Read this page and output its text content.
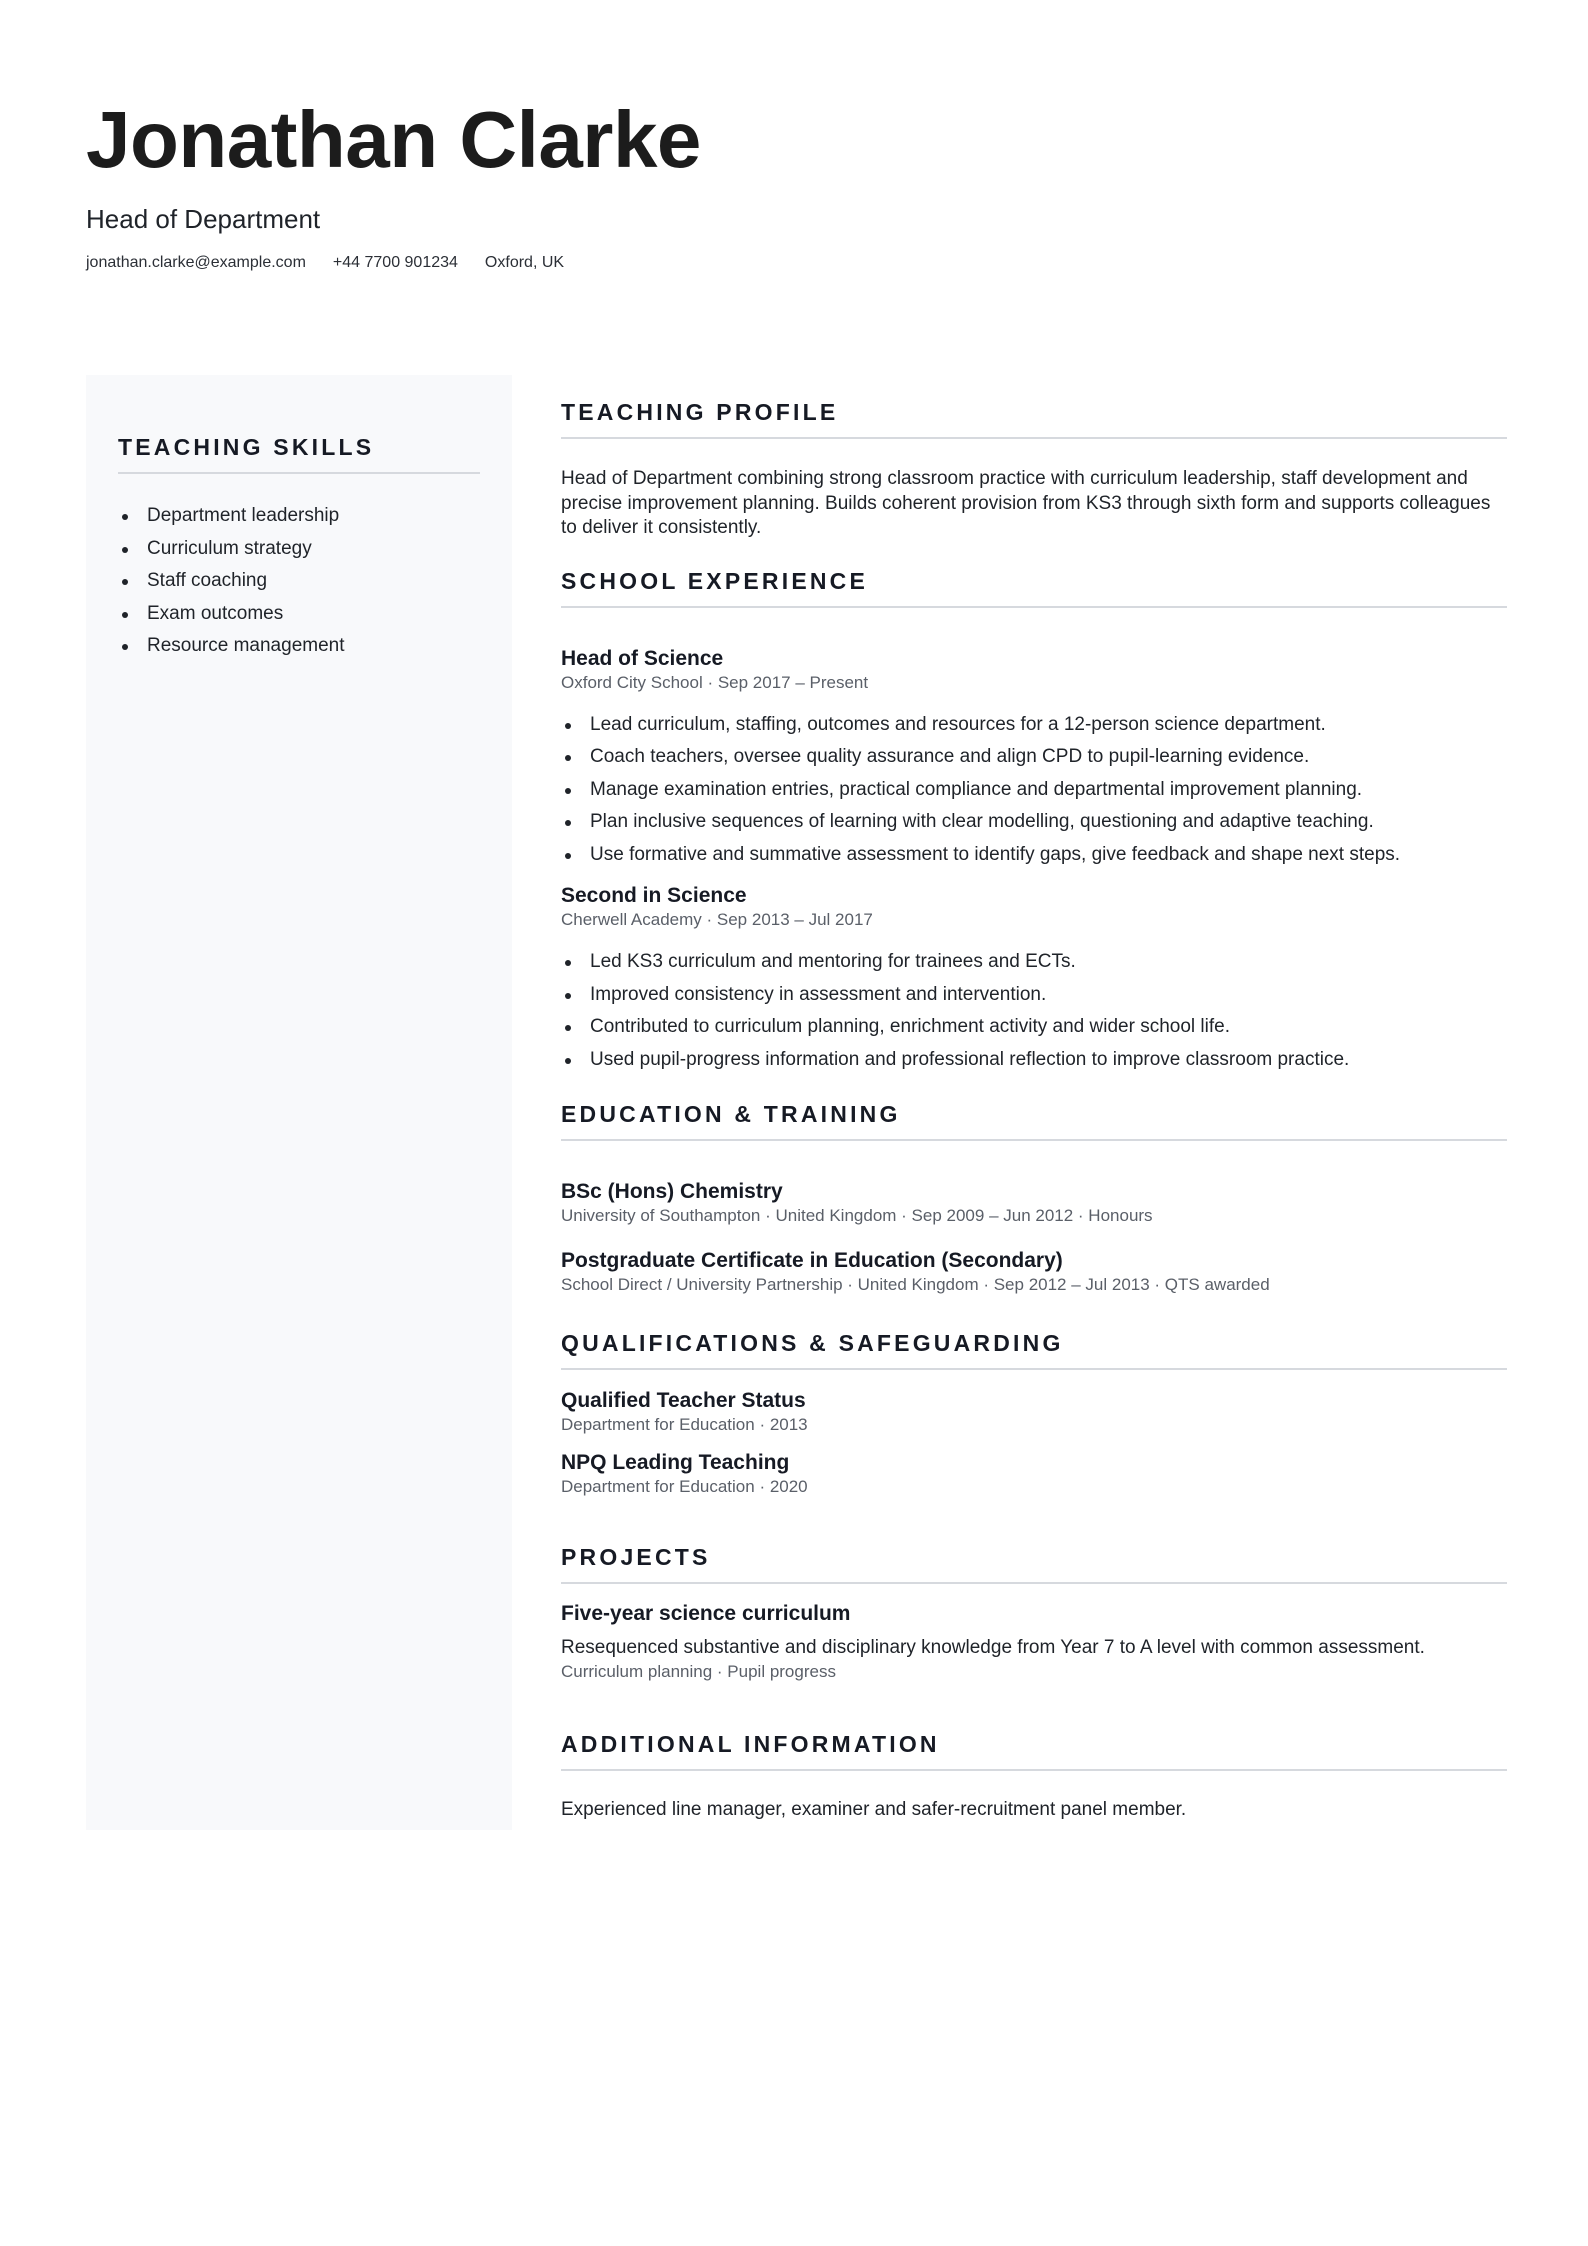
Jonathan Clarke
Head of Department
jonathan.clarke@example.com +44 7700 901234 Oxford, UK
TEACHING SKILLS
Department leadership
Curriculum strategy
Staff coaching
Exam outcomes
Resource management
TEACHING PROFILE
Head of Department combining strong classroom practice with curriculum leadership, staff development and precise improvement planning. Builds coherent provision from KS3 through sixth form and supports colleagues to deliver it consistently.
SCHOOL EXPERIENCE
Head of Science
Oxford City School · Sep 2017 – Present
Lead curriculum, staffing, outcomes and resources for a 12-person science department.
Coach teachers, oversee quality assurance and align CPD to pupil-learning evidence.
Manage examination entries, practical compliance and departmental improvement planning.
Plan inclusive sequences of learning with clear modelling, questioning and adaptive teaching.
Use formative and summative assessment to identify gaps, give feedback and shape next steps.
Second in Science
Cherwell Academy · Sep 2013 – Jul 2017
Led KS3 curriculum and mentoring for trainees and ECTs.
Improved consistency in assessment and intervention.
Contributed to curriculum planning, enrichment activity and wider school life.
Used pupil-progress information and professional reflection to improve classroom practice.
EDUCATION & TRAINING
BSc (Hons) Chemistry
University of Southampton · United Kingdom · Sep 2009 – Jun 2012 · Honours
Postgraduate Certificate in Education (Secondary)
School Direct / University Partnership · United Kingdom · Sep 2012 – Jul 2013 · QTS awarded
QUALIFICATIONS & SAFEGUARDING
Qualified Teacher Status
Department for Education · 2013
NPQ Leading Teaching
Department for Education · 2020
PROJECTS
Five-year science curriculum
Resequenced substantive and disciplinary knowledge from Year 7 to A level with common assessment.
Curriculum planning · Pupil progress
ADDITIONAL INFORMATION
Experienced line manager, examiner and safer-recruitment panel member.
